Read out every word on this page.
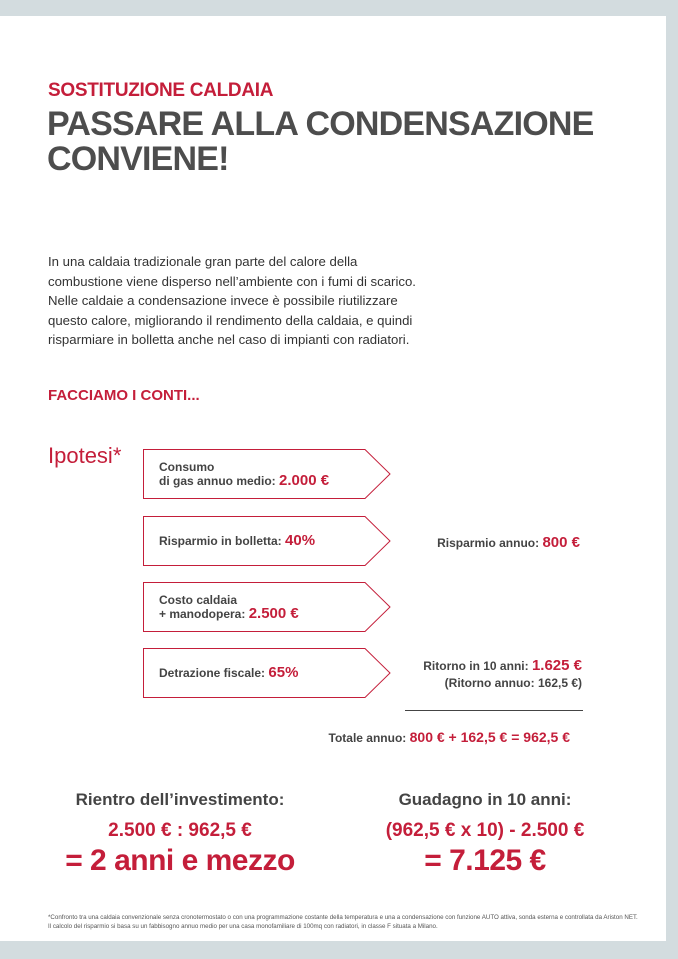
SOSTITUZIONE CALDAIA
PASSARE ALLA CONDENSAZIONE
CONVIENE!
In una caldaia tradizionale gran parte del calore della
combustione viene disperso nell’ambiente con i fumi di scarico.
Nelle caldaie a condensazione invece è possibile riutilizzare
questo calore, migliorando il rendimento della caldaia, e quindi
risparmiare in bolletta anche nel caso di impianti con radiatori.
FACCIAMO I CONTI...
Ipotesi*	Consumo
di gas annuo medio: 2.000 €
Risparmio in bolletta: 40%
Costo caldaia
+ manodopera: 2.500 €
Detrazione fiscale: 65%
Risparmio annuo: 800 €
Ritorno in 10 anni: 1.625 €
(Ritorno annuo: 162,5 €)
Totale annuo: 800 € + 162,5 € = 962,5 €
Rientro dell’investimento:
2.500 € : 962,5 €
= 2 anni e mezzo
Guadagno in 10 anni:
(962,5 € x 10) - 2.500 €
= 7.125 €
*Confronto tra una caldaia convenzionale senza cronotermostato o con una programmazione costante della temperatura e una a condensazione con funzione AUTO attiva, sonda esterna e controllata da Ariston NET. Il calcolo del risparmio si basa su un fabbisogno annuo medio per una casa monofamiliare di 100mq con radiatori, in classe F situata a Milano.
